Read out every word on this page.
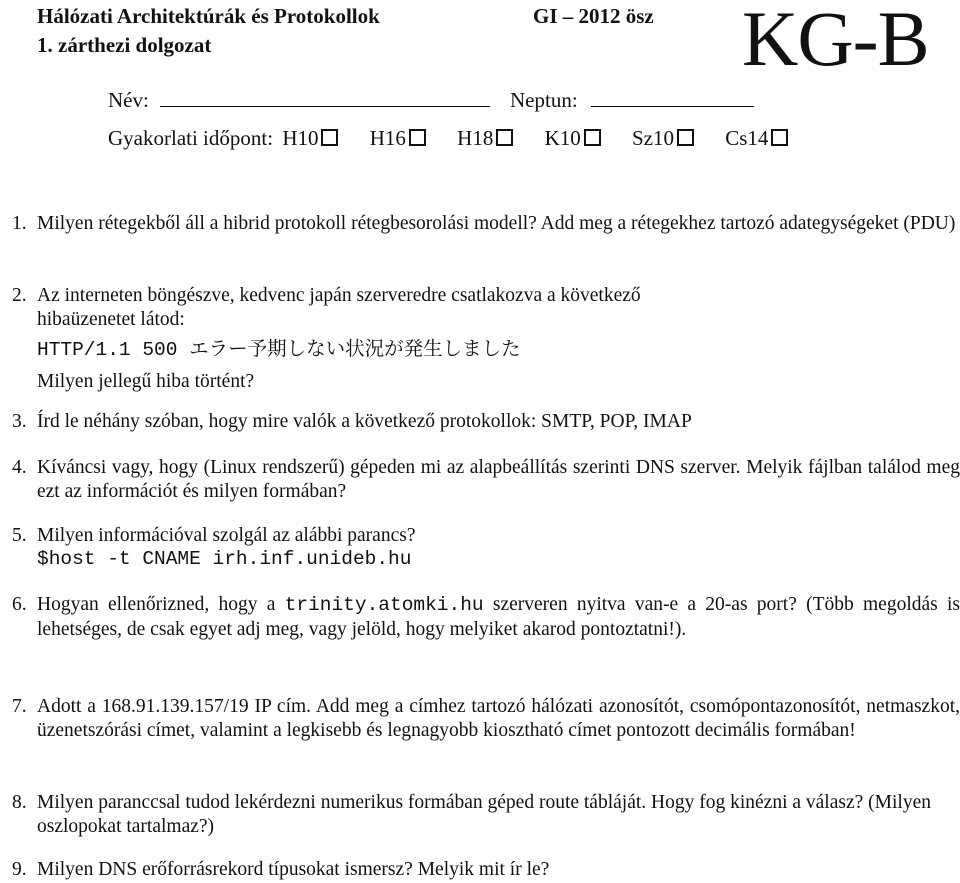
Hálózati Architektúrák és Protokollok	GI – 2012 ösz
1. zárthezi dolgozat	KG-B
Név:	Neptun:
Gyakorlati időpont: H10 H16 H18 K10 Sz10 Cs14
1. Milyen rétegekből áll a hibrid protokoll rétegbesorolási modell? Add meg a rétegekhez tartozó adategységeket (PDU)
2. Az interneten böngészve, kedvenc japán szerveredre csatlakozva a következő hibaüzenetet látod:
HTTP/1.1 500 エラー予期しない状況が発生しました
Milyen jellegű hiba történt?
3. Írd le néhány szóban, hogy mire valók a következő protokollok: SMTP, POP, IMAP
4. Kíváncsi vagy, hogy (Linux rendszerű) gépeden mi az alapbeállítás szerinti DNS szerver. Melyik fájlban találod meg ezt az információt és milyen formában?
5. Milyen információval szolgál az alábbi parancs?
$host -t CNAME irh.inf.unideb.hu
6. Hogyan ellenőrizned, hogy a trinity.atomki.hu szerveren nyitva van-e a 20-as port? (Több megoldás is lehetséges, de csak egyet adj meg, vagy jelöld, hogy melyiket akarod pontoztatni!).
7. Adott a 168.91.139.157/19 IP cím. Add meg a címhez tartozó hálózati azonosítót, csomópontazonosítót, netmaszkot, üzenetszórási címet, valamint a legkisebb és legnagyobb kiosztható címet pontozott decimális formában!
8. Milyen paranccsal tudod lekérdezni numerikus formában géped route tábláját. Hogy fog kinézni a válasz? (Milyen oszlopokat tartalmaz?)
9. Milyen DNS erőforrásrekord típusokat ismersz? Melyik mit ír le?
